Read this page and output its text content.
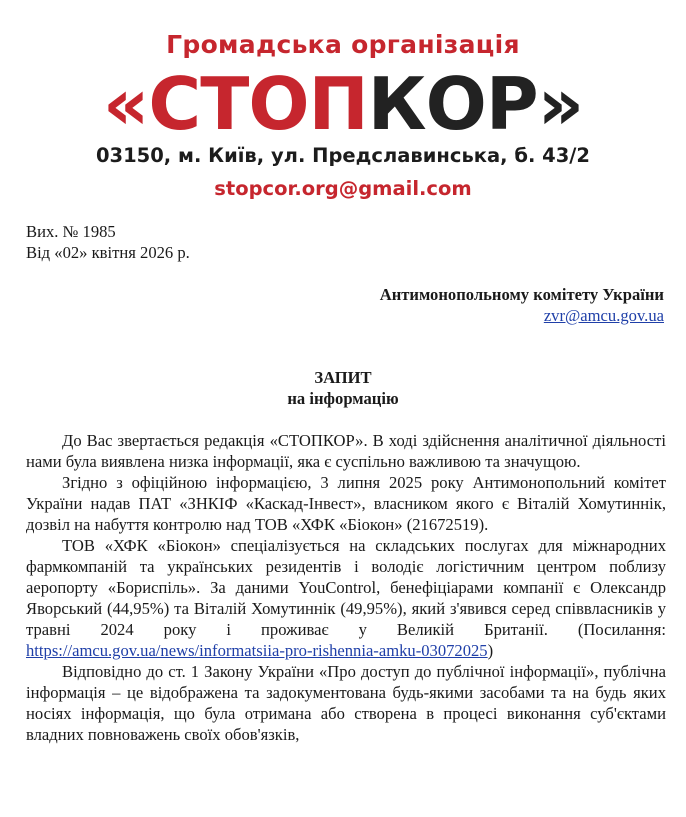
Громадська організація
«СТОПКОР»
03150, м. Київ, ул. Предславинська, б. 43/2
stopcor.org@gmail.com
Вих. № 1985
Від «02» квітня 2026 р.
Антимонопольному комітету України
zvr@amcu.gov.ua
ЗАПИТ
на інформацію

До Вас звертається редакція «СТОПКОР». В ході здійснення аналітичної діяльності нами була виявлена низка інформації, яка є суспільно важливою та значущою.

Згідно з офіційною інформацією, 3 липня 2025 року Антимонопольний комітет України надав ПАТ «ЗНКІФ «Каскад-Інвест», власником якого є Віталій Хомутиннік, дозвіл на набуття контролю над ТОВ «ХФК «Біокон» (21672519).

ТОВ «ХФК «Біокон» спеціалізується на складських послугах для міжнародних фармкомпаній та українських резидентів і володіє логістичним центром поблизу аеропорту «Бориспіль». За даними YouControl, бенефіціарами компанії є Олександр Яворський (44,95%) та Віталій Хомутиннік (49,95%), який з'явився серед співвласників у травні 2024 року і проживає у Великій Британії. (Посилання: https://amcu.gov.ua/news/informatsiia-pro-rishennia-amku-03072025)

Відповідно до ст. 1 Закону України «Про доступ до публічної інформації», публічна інформація – це відображена та задокументована будь-якими засобами та на будь яких носіях інформація, що була отримана або створена в процесі виконання суб'єктами владних повноважень своїх обов'язків,
